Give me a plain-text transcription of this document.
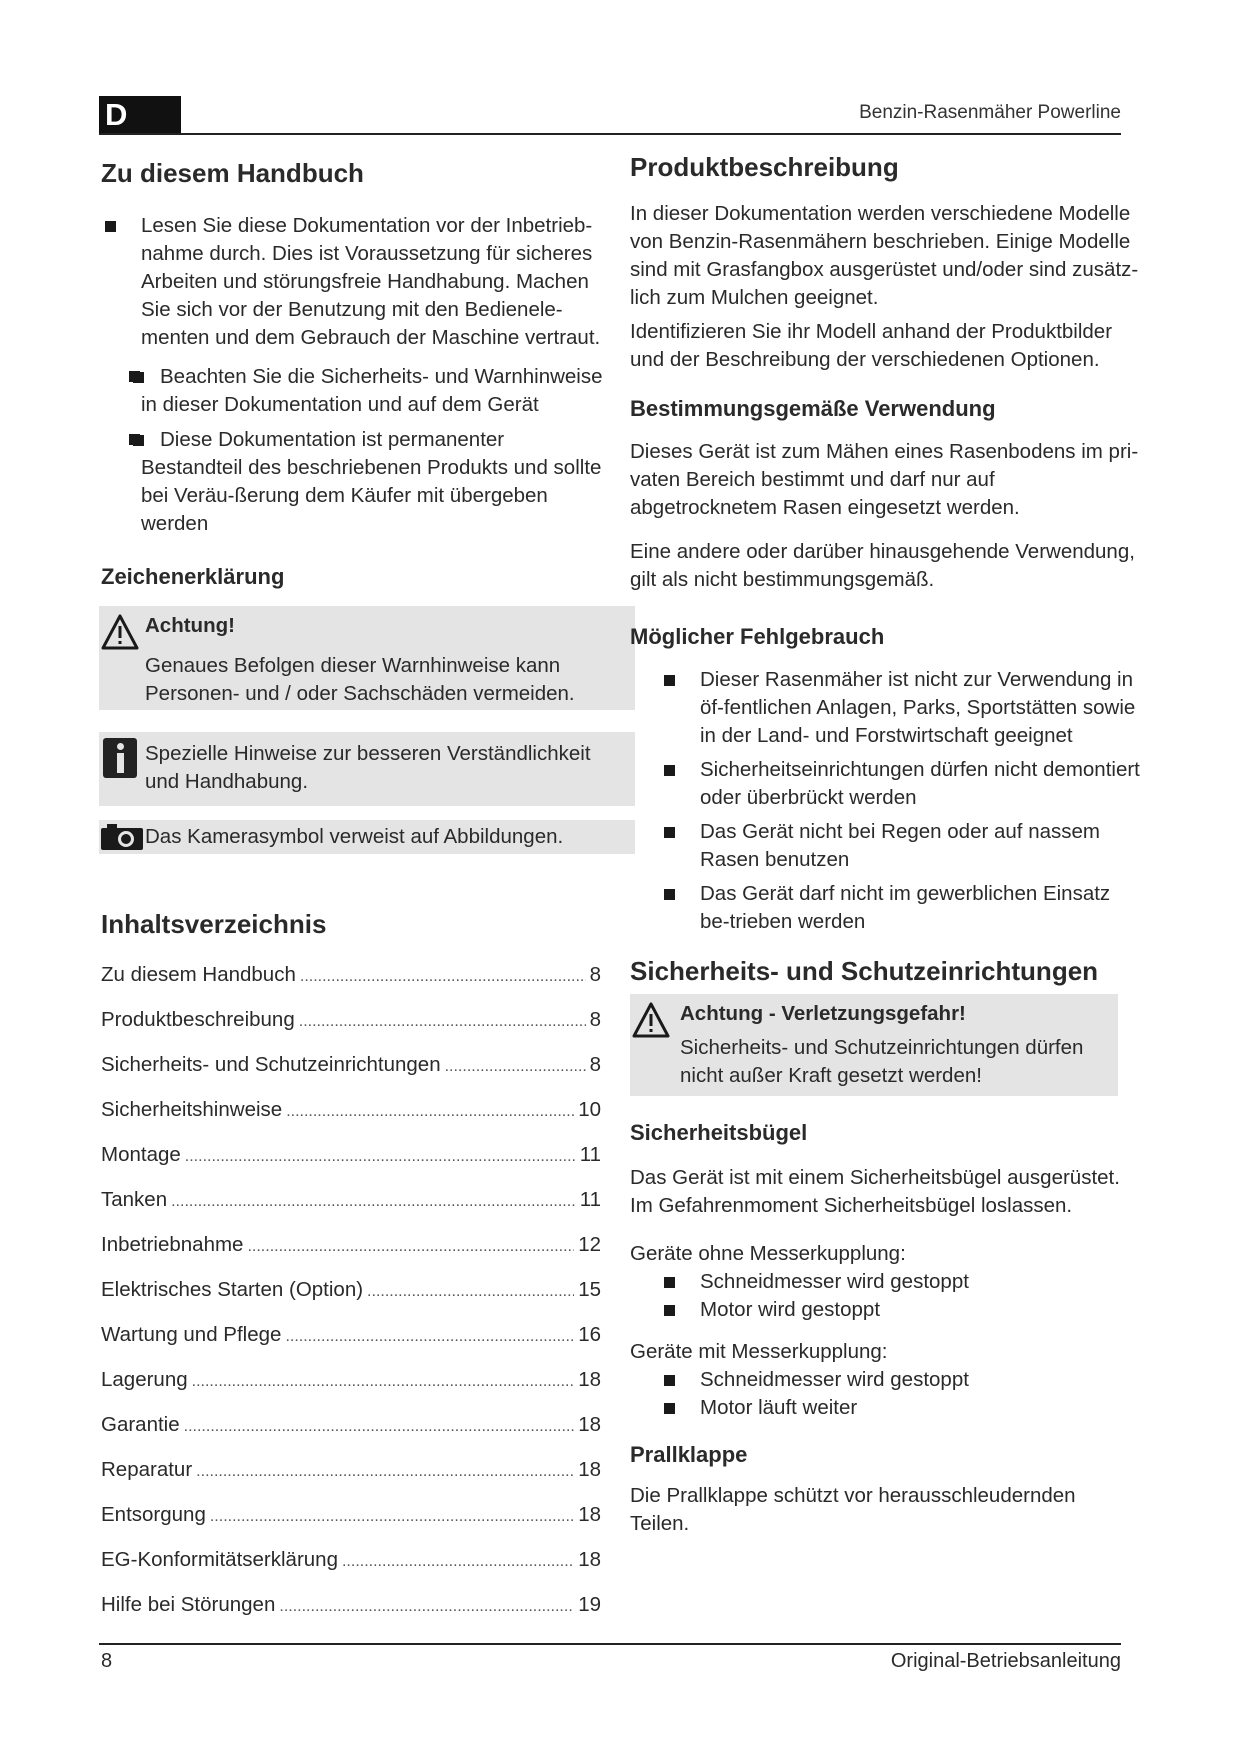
D	Benzin-Rasenmäher Powerline
Zu diesem Handbuch

Lesen Sie diese Dokumentation vor der Inbetrieb-nahme durch. Dies ist Voraussetzung für sicheres Arbeiten und störungsfreie Handhabung. Machen Sie sich vor der Benutzung mit den Bedienele-menten und dem Gebrauch der Maschine vertraut.

Beachten Sie die Sicherheits- und Warnhinweise in dieser Dokumentation und auf dem Gerät

Diese Dokumentation ist permanenter Bestandteil des beschriebenen Produkts und sollte bei Veräu-ßerung dem Käufer mit übergeben werden

Zeichenerklärung
Achtung!
Genaues Befolgen dieser Warnhinweise kann Personen- und / oder Sachschäden vermeiden.
Spezielle Hinweise zur besseren Verständlichkeit und Handhabung.
Das Kamerasymbol verweist auf Abbildungen.
Inhaltsverzeichnis
Zu diesem Handbuch .....	8
Produktbeschreibung .....	8
Sicherheits- und Schutzeinrichtungen .....	8
Sicherheitshinweise .....	10
Montage .....	11
Tanken .....	11
Inbetriebnahme .....	12
Elektrisches Starten (Option) .....	15
Wartung und Pflege .....	16
Lagerung .....	18
Garantie .....	18
Reparatur .....	18
Entsorgung .....	18
EG-Konformitätserklärung .....	18
Hilfe bei Störungen .....	19
Produktbeschreibung

In dieser Dokumentation werden verschiedene Modelle von Benzin-Rasenmähern beschrieben. Einige Modelle sind mit Grasfangbox ausgerüstet und/oder sind zusätz-lich zum Mulchen geeignet.

Identifizieren Sie ihr Modell anhand der Produktbilder und der Beschreibung der verschiedenen Optionen.

Bestimmungsgemäße Verwendung

Dieses Gerät ist zum Mähen eines Rasenbodens im pri-vaten Bereich bestimmt und darf nur auf abgetrocknetem Rasen eingesetzt werden.

Eine andere oder darüber hinausgehende Verwendung, gilt als nicht bestimmungsgemäß.

Möglicher Fehlgebrauch

Dieser Rasenmäher ist nicht zur Verwendung in öf-fentlichen Anlagen, Parks, Sportstätten sowie in der Land- und Forstwirtschaft geeignet

Sicherheitseinrichtungen dürfen nicht demontiert oder überbrückt werden

Das Gerät nicht bei Regen oder auf nassem Rasen benutzen

Das Gerät darf nicht im gewerblichen Einsatz be-trieben werden

Sicherheits- und Schutzeinrichtungen
Achtung - Verletzungsgefahr!
Sicherheits- und Schutzeinrichtungen dürfen nicht außer Kraft gesetzt werden!
Sicherheitsbügel

Das Gerät ist mit einem Sicherheitsbügel ausgerüstet. Im Gefahrenmoment Sicherheitsbügel loslassen.

Geräte ohne Messerkupplung:

Schneidmesser wird gestoppt

Motor wird gestoppt

Geräte mit Messerkupplung:

Schneidmesser wird gestoppt

Motor läuft weiter

Prallklappe

Die Prallklappe schützt vor herausschleudernden Teilen.

8	Original-Betriebsanleitung
